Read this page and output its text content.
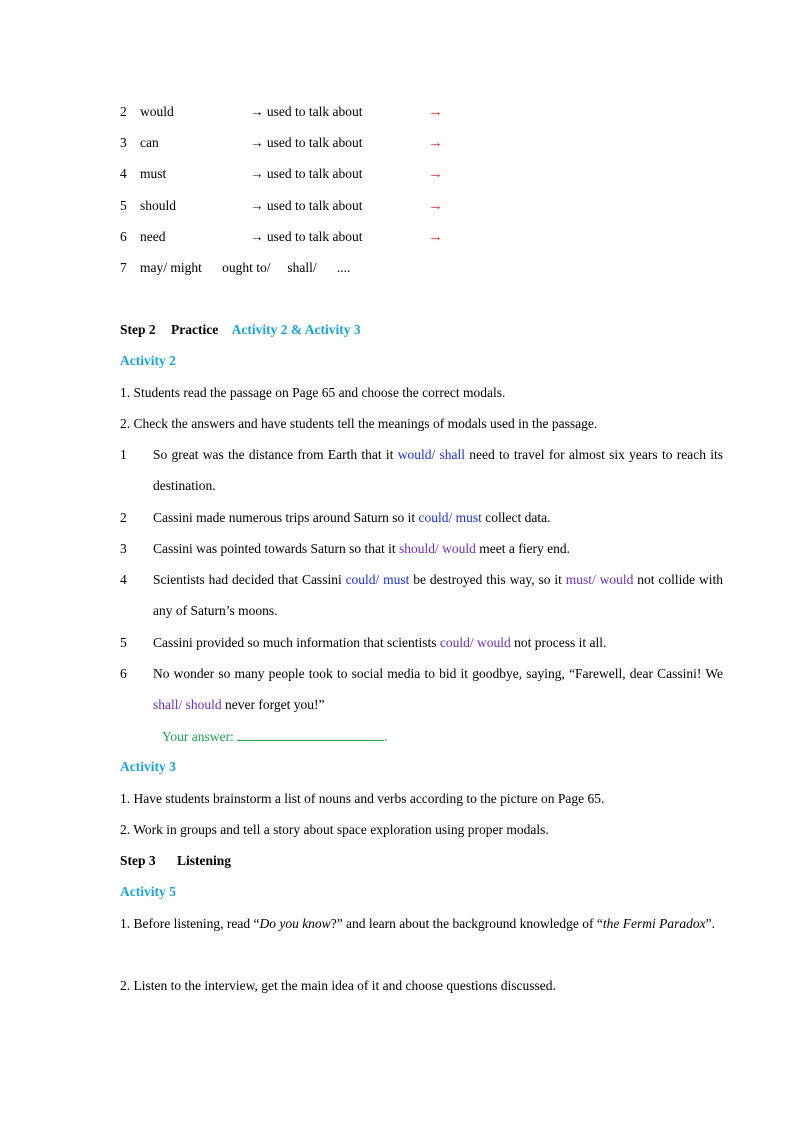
2 would	→ used to talk about	→
3 can	→ used to talk about	→
4 must	→ used to talk about	→
5 should	→ used to talk about	→
6 need	→ used to talk about	→
7 may/ might      ought to/     shall/      ....
Step 2 Practice Activity 2 & Activity 3
Activity 2
1. Students read the passage on Page 65 and choose the correct modals.
2. Check the answers and have students tell the meanings of modals used in the passage.
1 So great was the distance from Earth that it would/ shall need to travel for almost six years to reach its destination.
2 Cassini made numerous trips around Saturn so it could/ must collect data.
3 Cassini was pointed towards Saturn so that it should/ would meet a fiery end.
4 Scientists had decided that Cassini could/ must be destroyed this way, so it must/ would not collide with any of Saturn’s moons.
5 Cassini provided so much information that scientists could/ would not process it all.
6 No wonder so many people took to social media to bid it goodbye, saying, “Farewell, dear Cassini! We shall/ should never forget you!”
Your answer:	.
Activity 3
1. Have students brainstorm a list of nouns and verbs according to the picture on Page 65.
2. Work in groups and tell a story about space exploration using proper modals.
Step 3 Listening
Activity 5
1. Before listening, read “Do you know?” and learn about the background knowledge of “the Fermi Paradox”.
2. Listen to the interview, get the main idea of it and choose questions discussed.
